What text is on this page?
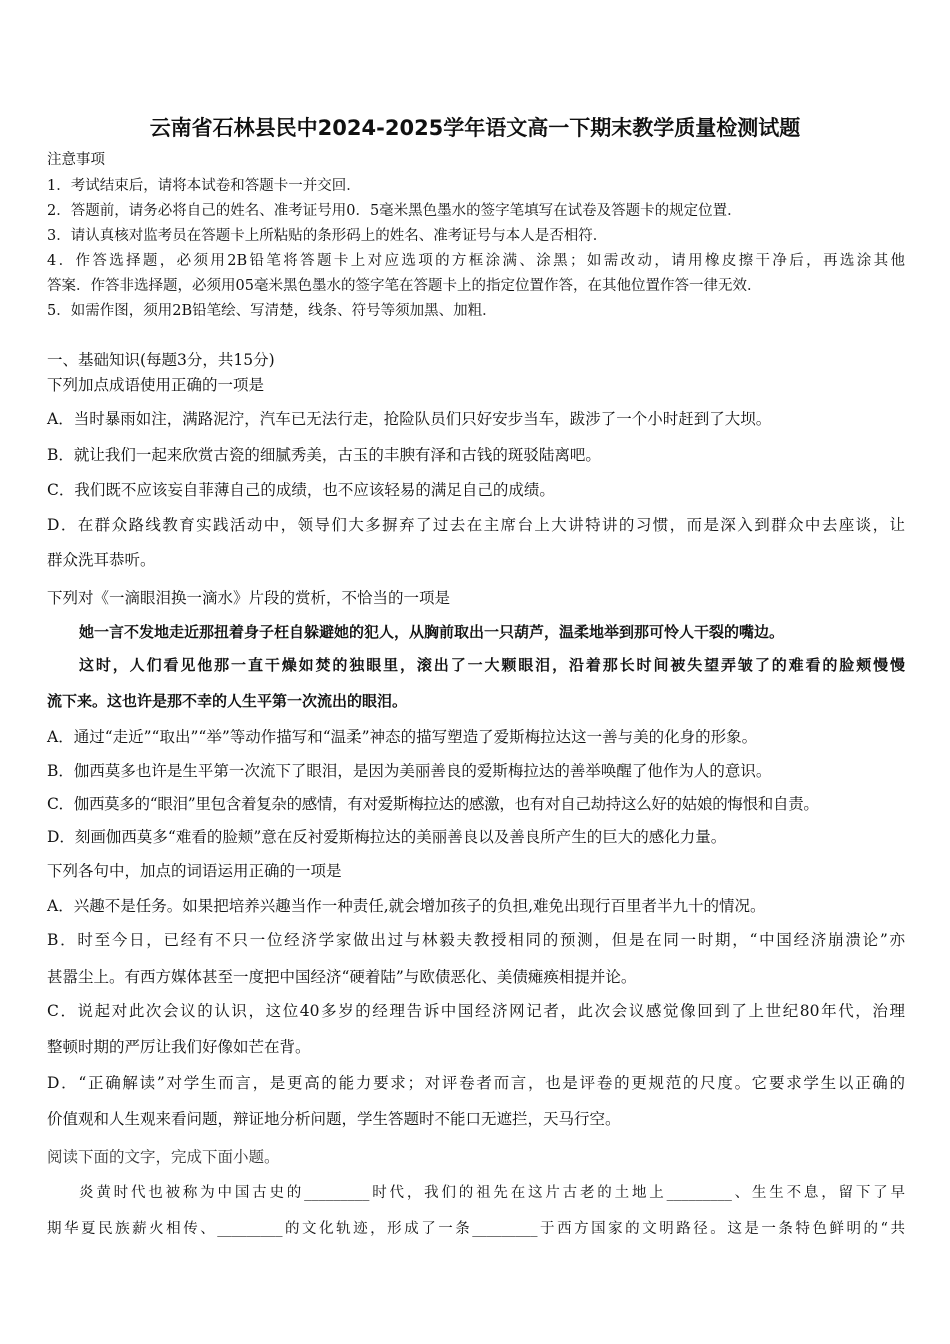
云南省石林县民中2024-2025学年语文高一下期末教学质量检测试题
注意事项
1．考试结束后，请将本试卷和答题卡一并交回．
2．答题前，请务必将自己的姓名、准考证号用0．5毫米黑色墨水的签字笔填写在试卷及答题卡的规定位置．
3．请认真核对监考员在答题卡上所粘贴的条形码上的姓名、准考证号与本人是否相符．
4．作答选择题，必须用2B铅笔将答题卡上对应选项的方框涂满、涂黑；如需改动，请用橡皮擦干净后，再选涂其他
答案．作答非选择题，必须用05毫米黑色墨水的签字笔在答题卡上的指定位置作答，在其他位置作答一律无效．
5．如需作图，须用2B铅笔绘、写清楚，线条、符号等须加黑、加粗．
一、基础知识(每题3分，共15分)
下列加点成语使用正确的一项是
A．当时暴雨如注，满路泥泞，汽车已无法行走，抢险队员们只好安步当车，跋涉了一个小时赶到了大坝。
B．就让我们一起来欣赏古瓷的细腻秀美，古玉的丰腴有泽和古钱的斑驳陆离吧。
C．我们既不应该妄自菲薄自己的成绩，也不应该轻易的满足自己的成绩。
D．在群众路线教育实践活动中，领导们大多摒弃了过去在主席台上大讲特讲的习惯，而是深入到群众中去座谈，让
群众洗耳恭听。
下列对《一滴眼泪换一滴水》片段的赏析，不恰当的一项是
她一言不发地走近那扭着身子枉自躲避她的犯人，从胸前取出一只葫芦，温柔地举到那可怜人干裂的嘴边。
这时，人们看见他那一直干燥如焚的独眼里，滚出了一大颗眼泪，沿着那长时间被失望弄皱了的难看的脸颊慢慢
流下来。这也许是那不幸的人生平第一次流出的眼泪。
A．通过“走近”“取出”“举”等动作描写和“温柔”神态的描写塑造了爱斯梅拉达这一善与美的化身的形象。
B．伽西莫多也许是生平第一次流下了眼泪，是因为美丽善良的爱斯梅拉达的善举唤醒了他作为人的意识。
C．伽西莫多的“眼泪”里包含着复杂的感情，有对爱斯梅拉达的感激，也有对自己劫持这么好的姑娘的悔恨和自责。
D．刻画伽西莫多“难看的脸颊”意在反衬爱斯梅拉达的美丽善良以及善良所产生的巨大的感化力量。
下列各句中，加点的词语运用正确的一项是
A．兴趣不是任务。如果把培养兴趣当作一种责任,就会增加孩子的负担,难免出现行百里者半九十的情况。
B．时至今日，已经有不只一位经济学家做出过与林毅夫教授相同的预测，但是在同一时期，“中国经济崩溃论”亦
甚嚣尘上。有西方媒体甚至一度把中国经济“硬着陆”与欧债恶化、美债瘫痪相提并论。
C．说起对此次会议的认识，这位40多岁的经理告诉中国经济网记者，此次会议感觉像回到了上世纪80年代，治理
整顿时期的严厉让我们好像如芒在背。
D．“正确解读”对学生而言，是更高的能力要求；对评卷者而言，也是评卷的更规范的尺度。它要求学生以正确的
价值观和人生观来看问题，辩证地分析问题，学生答题时不能口无遮拦，天马行空。
阅读下面的文字，完成下面小题。
炎黄时代也被称为中国古史的_________时代，我们的祖先在这片古老的土地上_________、生生不息，留下了早
期华夏民族薪火相传、_________的文化轨迹，形成了一条_________于西方国家的文明路径。这是一条特色鲜明的“共
